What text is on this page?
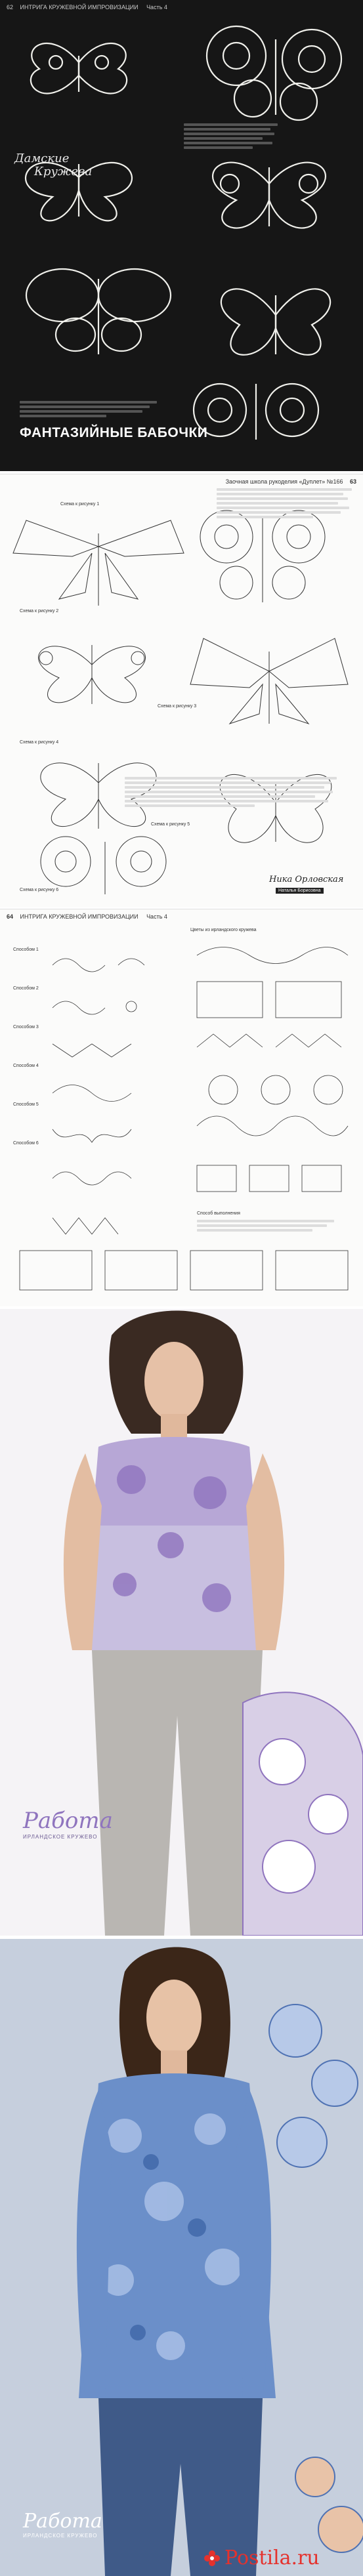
62 ИНТРИГА КРУЖЕВНОЙ ИМПРОВИЗАЦИИ Часть 4
Дамские
Кружева
ФАНТАЗИЙНЫЕ БАБОЧКИ
Заочная школа рукоделия «Дуплет» №166 63
Схема к рисунку 1
Схема к рисунку 2
Схема к рисунку 3
Схема к рисунку 4
Схема к рисунку 5
Схема к рисунку 6
Ника Орловская
Наталья Борисовна
64 ИНТРИГА КРУЖЕВНОЙ ИМПРОВИЗАЦИИ Часть 4
Цветы из ирландского кружева
Способом 1
Способом 2
Способом 3
Способом 4
Способом 5
Способом 6
Способ выполнения
Работа
ИРЛАНДСКОЕ КРУЖЕВО
Работа
ИРЛАНДСКОЕ КРУЖЕВО
Postila.ru
